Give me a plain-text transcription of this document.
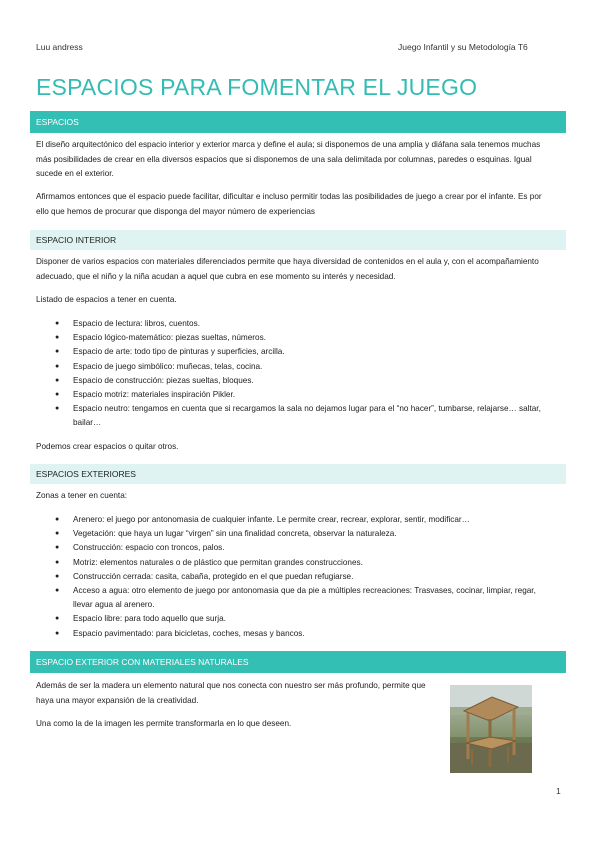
Luu andress	Juego Infantil y su Metodología T6
ESPACIOS PARA FOMENTAR EL JUEGO
ESPACIOS

El diseño arquitectónico del espacio interior y exterior marca y define el aula; si disponemos de una amplia y diáfana sala tenemos muchas más posibilidades de crear en ella diversos espacios que si disponemos de una sala delimitada por columnas, paredes o esquinas. Igual sucede en el exterior.

Afirmamos entonces que el espacio puede facilitar, dificultar e incluso permitir todas las posibilidades de juego a crear por el infante. Es por ello que hemos de procurar que disponga del mayor número de experiencias

ESPACIO INTERIOR

Disponer de varios espacios con materiales diferenciados permite que haya diversidad de contenidos en el aula y, con el acompañamiento adecuado, que el niño y la niña acudan a aquel que cubra en ese momento su interés y necesidad.

Listado de espacios a tener en cuenta.

● Espacio de lectura: libros, cuentos.
● Espacio lógico-matemático: piezas sueltas, números.
● Espacio de arte: todo tipo de pinturas y superficies, arcilla.
● Espacio de juego simbólico: muñecas, telas, cocina.
● Espacio de construcción: piezas sueltas, bloques.
● Espacio motriz: materiales inspiración Pikler.
● Espacio neutro: tengamos en cuenta que si recargamos la sala no dejamos lugar para el “no hacer”, tumbarse, relajarse… saltar, bailar…

Podemos crear espacios o quitar otros.

ESPACIOS EXTERIORES

Zonas a tener en cuenta:

● Arenero: el juego por antonomasia de cualquier infante. Le permite crear, recrear, explorar, sentir, modificar…
● Vegetación: que haya un lugar “virgen” sin una finalidad concreta, observar la naturaleza.
● Construcción: espacio con troncos, palos.
● Motriz: elementos naturales o de plástico que permitan grandes construcciones.
● Construcción cerrada: casita, cabaña, protegido en el que puedan refugiarse.
● Acceso a agua: otro elemento de juego por antonomasia que da pie a múltiples recreaciones: Trasvases, cocinar, limpiar, regar, llevar agua al arenero.
● Espacio libre: para todo aquello que surja.
● Espacio pavimentado: para bicicletas, coches, mesas y bancos.
ESPACIO EXTERIOR CON MATERIALES NATURALES

Además de ser la madera un elemento natural que nos conecta con nuestro ser más profundo, permite que haya una mayor expansión de la creatividad.

Una como la de la imagen les permite transformarla en lo que deseen.

1
